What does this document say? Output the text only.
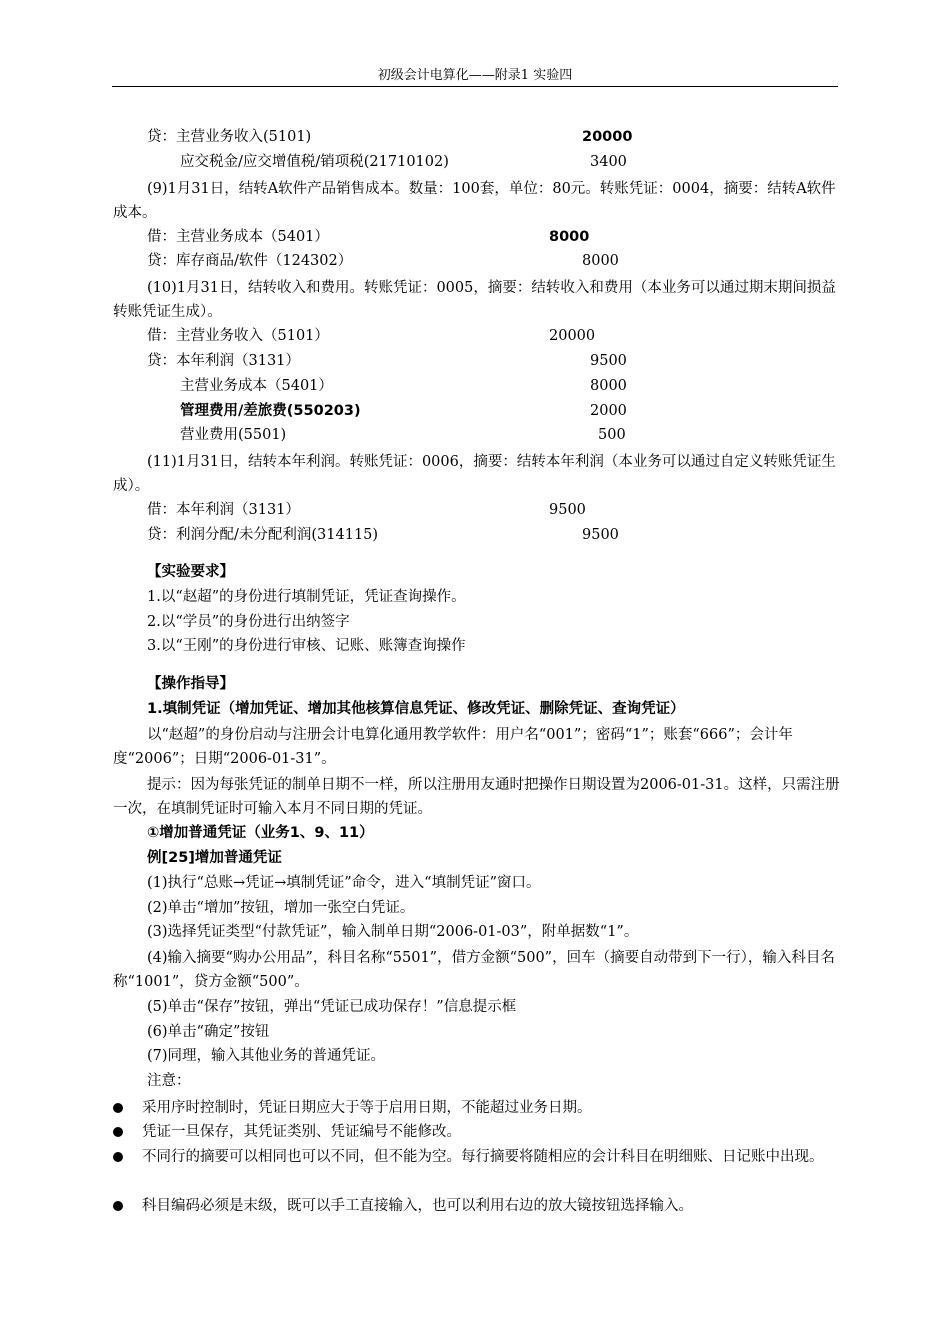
初级会计电算化——附录1 实验四
贷：主营业务收入(5101)	20000
应交税金/应交增值税/销项税(21710102)	3400
(9)1月31日，结转A软件产品销售成本。数量：100套，单位：80元。转账凭证：0004，摘要：结转A软件成本。
借：主营业务成本（5401）	8000
贷：库存商品/软件（124302）	8000
(10)1月31日，结转收入和费用。转账凭证：0005，摘要：结转收入和费用（本业务可以通过期末期间损益转账凭证生成）。
借：主营业务收入（5101）	20000
贷：本年利润（3131）	9500
主营业务成本（5401）	8000
管理费用/差旅费(550203)	2000
营业费用(5501)	500
(11)1月31日，结转本年利润。转账凭证：0006，摘要：结转本年利润（本业务可以通过自定义转账凭证生成）。
借：本年利润（3131）	9500
贷：利润分配/未分配利润(314115)	9500
【实验要求】
1.以“赵超”的身份进行填制凭证，凭证查询操作。
2.以“学员”的身份进行出纳签字
3.以“王刚”的身份进行审核、记账、账簿查询操作
【操作指导】
1.填制凭证（增加凭证、增加其他核算信息凭证、修改凭证、删除凭证、查询凭证）
以“赵超”的身份启动与注册会计电算化通用教学软件：用户名“001”；密码“1”；账套“666”；会计年度“2006”；日期“2006-01-31”。
提示：因为每张凭证的制单日期不一样，所以注册用友通时把操作日期设置为2006-01-31。这样，只需注册一次，在填制凭证时可输入本月不同日期的凭证。
①增加普通凭证（业务1、9、11）
例[25]增加普通凭证
(1)执行“总账→凭证→填制凭证”命令，进入“填制凭证”窗口。
(2)单击“增加”按钮，增加一张空白凭证。
(3)选择凭证类型“付款凭证”，输入制单日期“2006-01-03”，附单据数“1”。
(4)输入摘要“购办公用品”，科目名称“5501”，借方金额“500”，回车（摘要自动带到下一行），输入科目名称“1001”，贷方金额“500”。
(5)单击“保存”按钮，弹出“凭证已成功保存！”信息提示框
(6)单击“确定”按钮
(7)同理，输入其他业务的普通凭证。
注意：
采用序时控制时，凭证日期应大于等于启用日期，不能超过业务日期。
凭证一旦保存，其凭证类别、凭证编号不能修改。
不同行的摘要可以相同也可以不同，但不能为空。每行摘要将随相应的会计科目在明细账、日记账中出现。
科目编码必须是末级，既可以手工直接输入，也可以利用右边的放大镜按钮选择输入。
